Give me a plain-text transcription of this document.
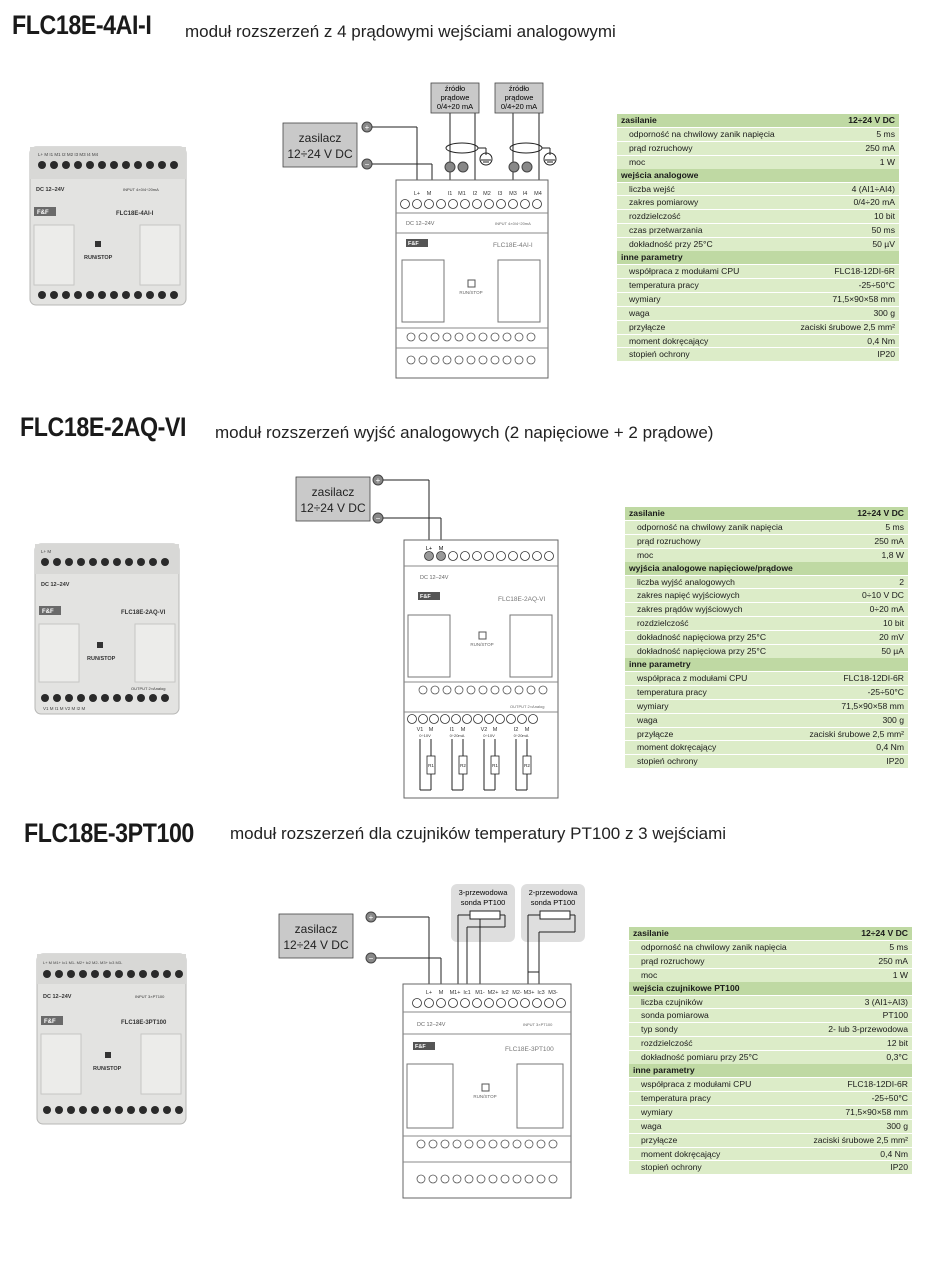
FLC18E-4AI-I moduł rozszerzeń z 4 prądowymi wejściami analogowymi
L+ M I1 M1 I2 M2 I3 M3 I4 M4
DC 12–24V	INPUT 4×0/4÷20mA
F&F	FLC18E-4AI-I
RUN/STOP
zasilacz
12÷24 V DC
+
−
źródło
prądowe
0/4÷20 mA
źródło
prądowe
0/4÷20 mA
L+ M	I1 M1 I2 M2 I3 M3 I4 M4
DC 12–24V	INPUT 4×0/4÷20mA
F&F	FLC18E-4AI-I
RUN/STOP
zasilanie	12÷24 V DC
odporność na chwilowy zanik napięcia	5 ms
prąd rozruchowy	250 mA
moc	1 W
wejścia analogowe	
liczba wejść	4 (AI1÷AI4)
zakres pomiarowy	0/4÷20 mA
rozdzielczość	10 bit
czas przetwarzania	50 ms
dokładność przy 25°C	50 µV
inne parametry	
współpraca z modułami CPU	FLC18-12DI-6R
temperatura pracy	-25÷50°C
wymiary	71,5×90×58 mm
waga	300 g
przyłącze	zaciski śrubowe 2,5 mm²
moment dokręcający	0,4 Nm
stopień ochrony	IP20
FLC18E-2AQ-VI moduł rozszerzeń wyjść analogowych (2 napięciowe + 2 prądowe)
L+ M
DC 12–24V
F&F	FLC18E-2AQ-VI
RUN/STOP
OUTPUT 2×Analog
V1 M I1 M V2 M I2 M
zasilacz
12÷24 V DC
+
−
L+ M
DC 12–24V
F&F	FLC18E-2AQ-VI
RUN/STOP
OUTPUT 2×Analog
V1 M	I1 M	V2 M	I2 M
0÷10V	0÷20mA	0÷10V	0÷20mA
R1	R2	R1	R2
zasilanie	12÷24 V DC
odporność na chwilowy zanik napięcia	5 ms
prąd rozruchowy	250 mA
moc	1,8 W
wyjścia analogowe napięciowe/prądowe	
liczba wyjść analogowych	2
zakres napięć wyjściowych	0÷10 V DC
zakres prądów wyjściowych	0÷20 mA
rozdzielczość	10 bit
dokładność napięciowa przy 25°C	20 mV
dokładność napięciowa przy 25°C	50 µA
inne parametry	
współpraca z modułami CPU	FLC18-12DI-6R
temperatura pracy	-25÷50°C
wymiary	71,5×90×58 mm
waga	300 g
przyłącze	zaciski śrubowe 2,5 mm²
moment dokręcający	0,4 Nm
stopień ochrony	IP20
FLC18E-3PT100 moduł rozszerzeń dla czujników temperatury PT100 z 3 wejściami
L+ M M1+ Ic1 M1- M2+ Ic2 M2- M3+ Ic3 M3-
DC 12–24V	INPUT 3×PT100
F&F	FLC18E-3PT100
RUN/STOP
zasilacz
12÷24 V DC
+
−
3-przewodowa
sonda PT100
2-przewodowa
sonda PT100
L+ M M1+ Ic1 M1- M2+ Ic2 M2- M3+ Ic3 M3-
DC 12–24V	INPUT 3×PT100
F&F	FLC18E-3PT100
RUN/STOP
zasilanie	12÷24 V DC
odporność na chwilowy zanik napięcia	5 ms
prąd rozruchowy	250 mA
moc	1 W
wejścia czujnikowe PT100	
liczba czujników	3 (AI1÷AI3)
sonda pomiarowa	PT100
typ sondy	2- lub 3-przewodowa
rozdzielczość	12 bit
dokładność pomiaru przy 25°C	0,3°C
inne parametry	
współpraca z modułami CPU	FLC18-12DI-6R
temperatura pracy	-25÷50°C
wymiary	71,5×90×58 mm
waga	300 g
przyłącze	zaciski śrubowe 2,5 mm²
moment dokręcający	0,4 Nm
stopień ochrony	IP20
